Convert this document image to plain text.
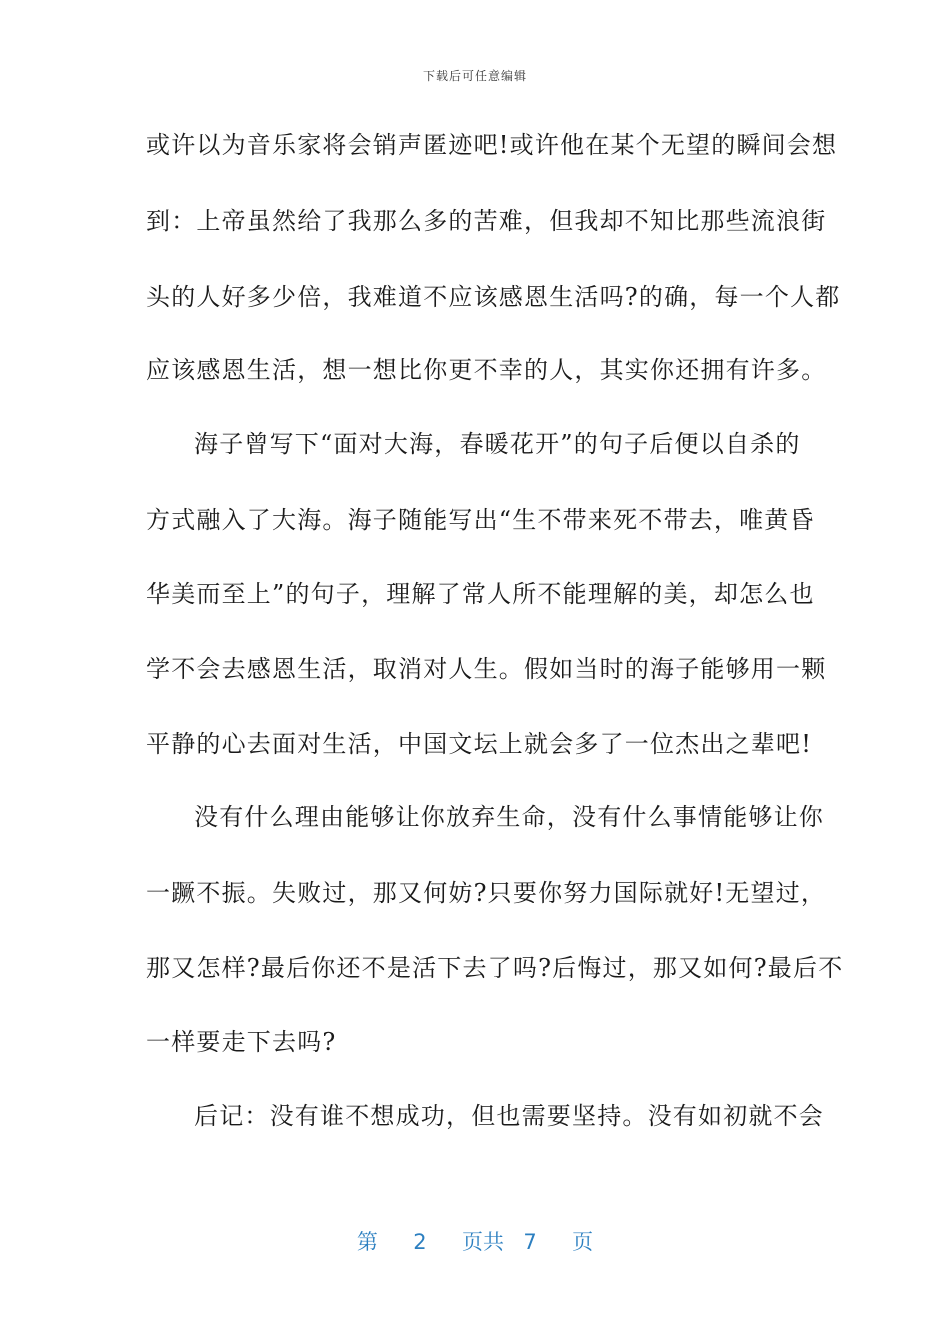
下载后可任意编辑
或许以为音乐家将会销声匿迹吧!或许他在某个无望的瞬间会想
到：上帝虽然给了我那么多的苦难，但我却不知比那些流浪街
头的人好多少倍，我难道不应该感恩生活吗?的确，每一个人都
应该感恩生活，想一想比你更不幸的人，其实你还拥有许多。
海子曾写下“面对大海，春暖花开”的句子后便以自杀的
方式融入了大海。海子随能写出“生不带来死不带去，唯黄昏
华美而至上”的句子，理解了常人所不能理解的美，却怎么也
学不会去感恩生活，取消对人生。假如当时的海子能够用一颗
平静的心去面对生活，中国文坛上就会多了一位杰出之辈吧!
没有什么理由能够让你放弃生命，没有什么事情能够让你
一蹶不振。失败过，那又何妨?只要你努力国际就好!无望过，
那又怎样?最后你还不是活下去了吗?后悔过，那又如何?最后不
一样要走下去吗?
后记：没有谁不想成功，但也需要坚持。没有如初就不会
第 2 页共 7 页
